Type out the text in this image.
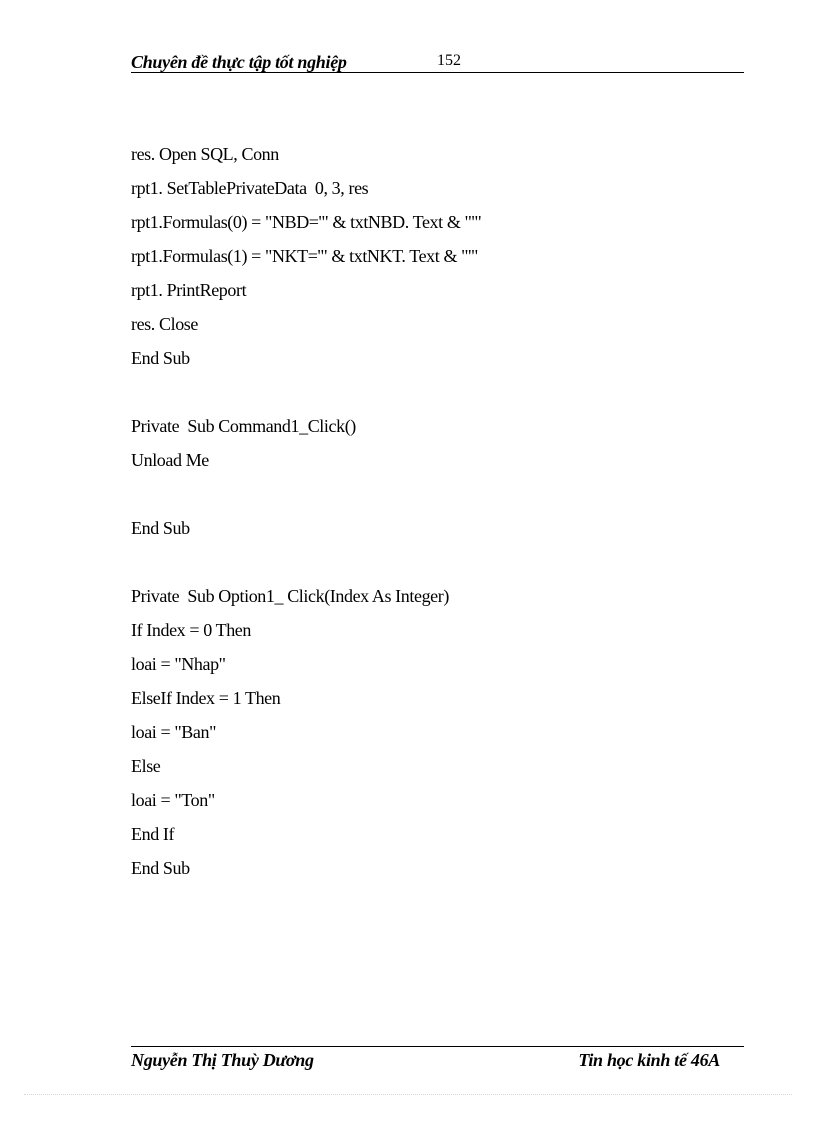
Chuyên đề thực tập tốt nghiệp	152
res. Open SQL, Conn
rpt1. SetTablePrivateData  0, 3, res
rpt1.Formulas(0) = "NBD='" & txtNBD. Text & "'"
rpt1.Formulas(1) = "NKT='" & txtNKT. Text & "'"
rpt1. PrintReport
res. Close
End Sub
Private  Sub Command1_Click()
Unload Me
End Sub
Private  Sub Option1_ Click(Index As Integer)
If Index = 0 Then
loai = "Nhap"
ElseIf Index = 1 Then
loai = "Ban"
Else
loai = "Ton"
End If
End Sub
Nguyễn Thị Thuỳ Dương	Tin học kinh tế 46A
